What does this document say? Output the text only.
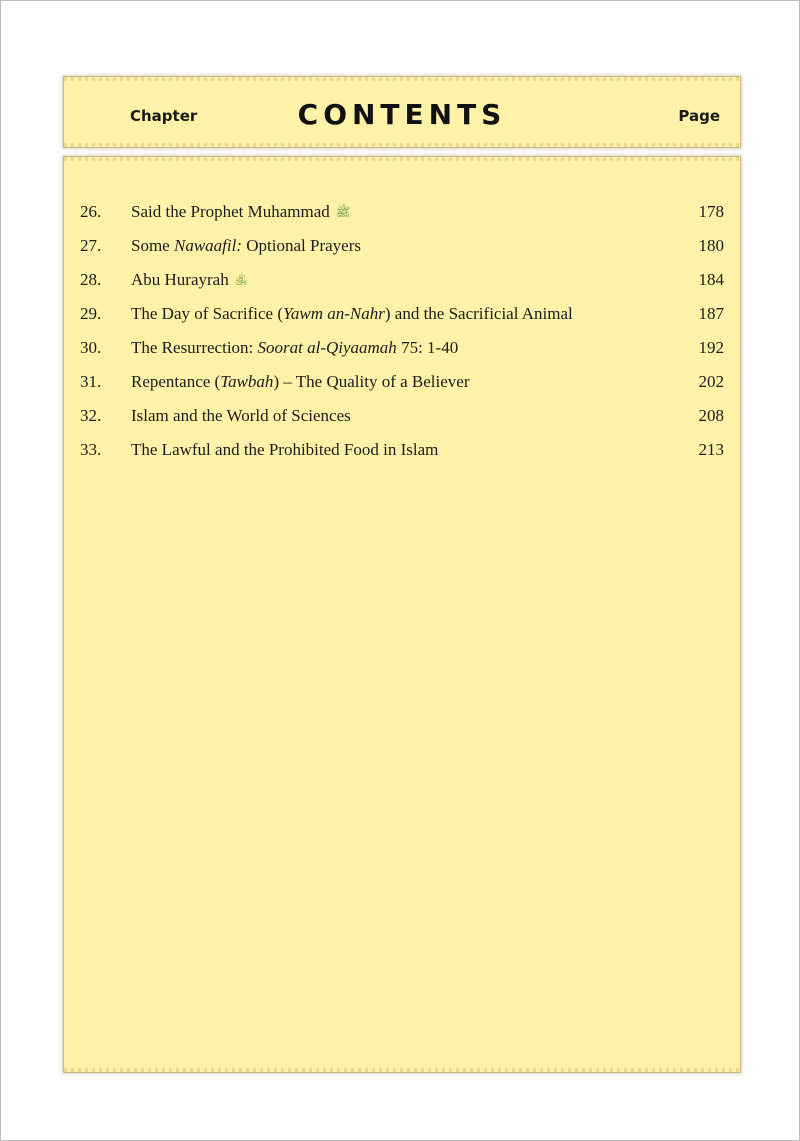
Chapter	CONTENTS	Page
26. Said the Prophet Muhammad ﷺ	178
27. Some Nawaafil: Optional Prayers	180
28. Abu Hurayrah ﵁	184
29. The Day of Sacrifice (Yawm an-Nahr) and the Sacrificial Animal	187
30. The Resurrection: Soorat al-Qiyaamah 75: 1-40	192
31. Repentance (Tawbah) – The Quality of a Believer	202
32. Islam and the World of Sciences	208
33. The Lawful and the Prohibited Food in Islam	213
